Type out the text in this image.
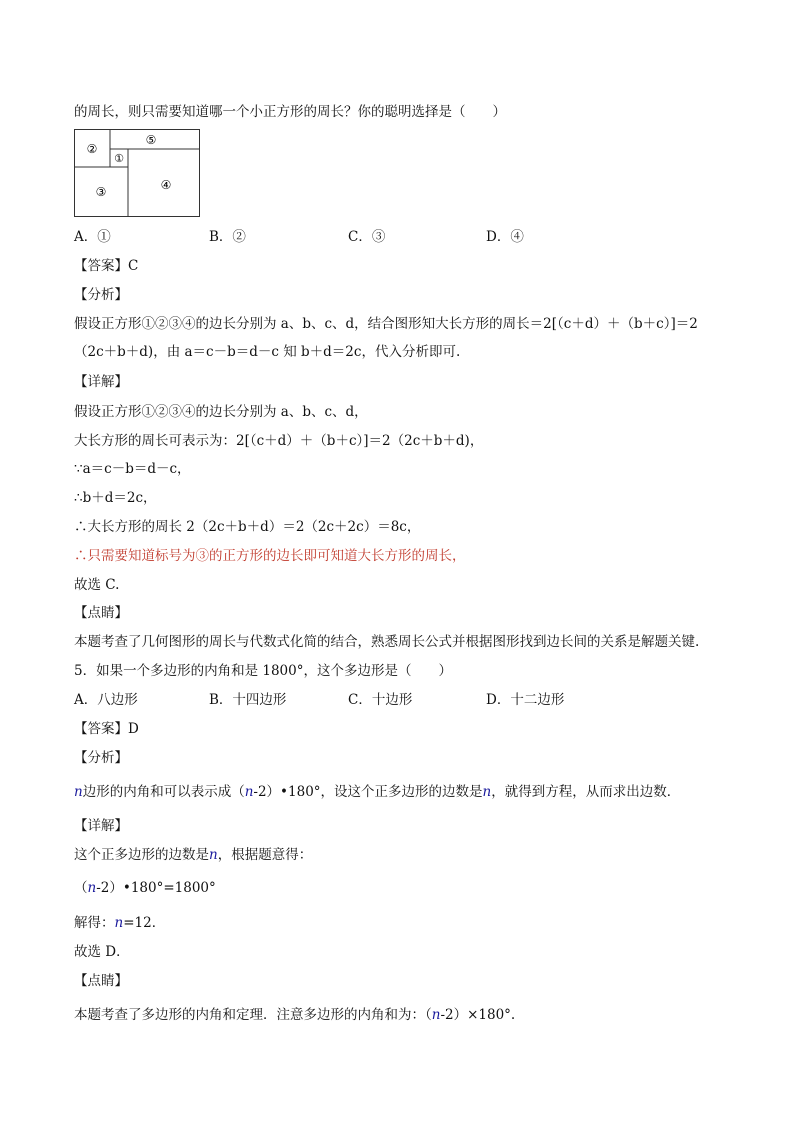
的周长，则只需要知道哪一个小正方形的周长？你的聪明选择是（　　）
②
⑤
①
③	④
A．①	B．②	C．③	D．④
【答案】C
【分析】
假设正方形①②③④的边长分别为 a、b、c、d，结合图形知大长方形的周长＝2[（c＋d）＋（b＋c）]＝2
（2c＋b＋d)，由 a＝c－b＝d－c 知 b＋d＝2c，代入分析即可.
【详解】
假设正方形①②③④的边长分别为 a、b、c、d，
大长方形的周长可表示为：2[（c＋d）＋（b＋c）]＝2（2c＋b＋d)，
∵a＝c－b＝d－c，
∴b＋d＝2c，
∴大长方形的周长 2（2c＋b＋d）＝2（2c＋2c）＝8c，
∴只需要知道标号为③的正方形的边长即可知道大长方形的周长，
故选 C.
【点睛】
本题考查了几何图形的周长与代数式化简的结合，熟悉周长公式并根据图形找到边长间的关系是解题关键.
5．如果一个多边形的内角和是 1800°，这个多边形是（　　）
A．八边形	B．十四边形	C．十边形	D．十二边形
【答案】D
【分析】
n边形的内角和可以表示成（n-2）•180°，设这个正多边形的边数是n，就得到方程，从而求出边数．
【详解】
这个正多边形的边数是n，根据题意得：
（n-2）•180°=1800°
解得：n=12．
故选 D．
【点睛】
本题考查了多边形的内角和定理．注意多边形的内角和为：（n-2）×180°.
